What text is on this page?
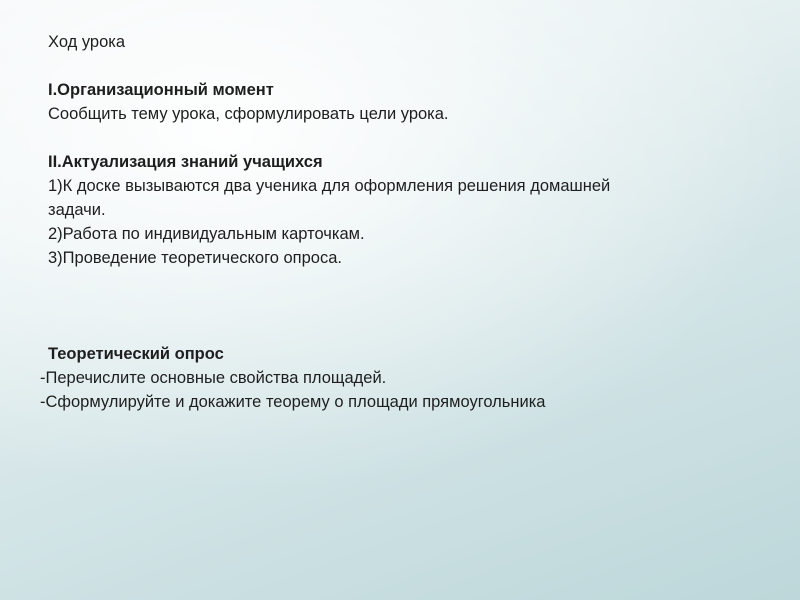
Ход урока
I.Организационный момент
Сообщить тему урока, сформулировать цели урока.
II.Актуализация знаний учащихся
1)К доске вызываются два ученика для оформления решения домашней
задачи.
2)Работа по индивидуальным карточкам.
3)Проведение теоретического опроса.
Теоретический опрос
-Перечислите основные свойства площадей.
-Сформулируйте и докажите теорему о площади прямоугольника
